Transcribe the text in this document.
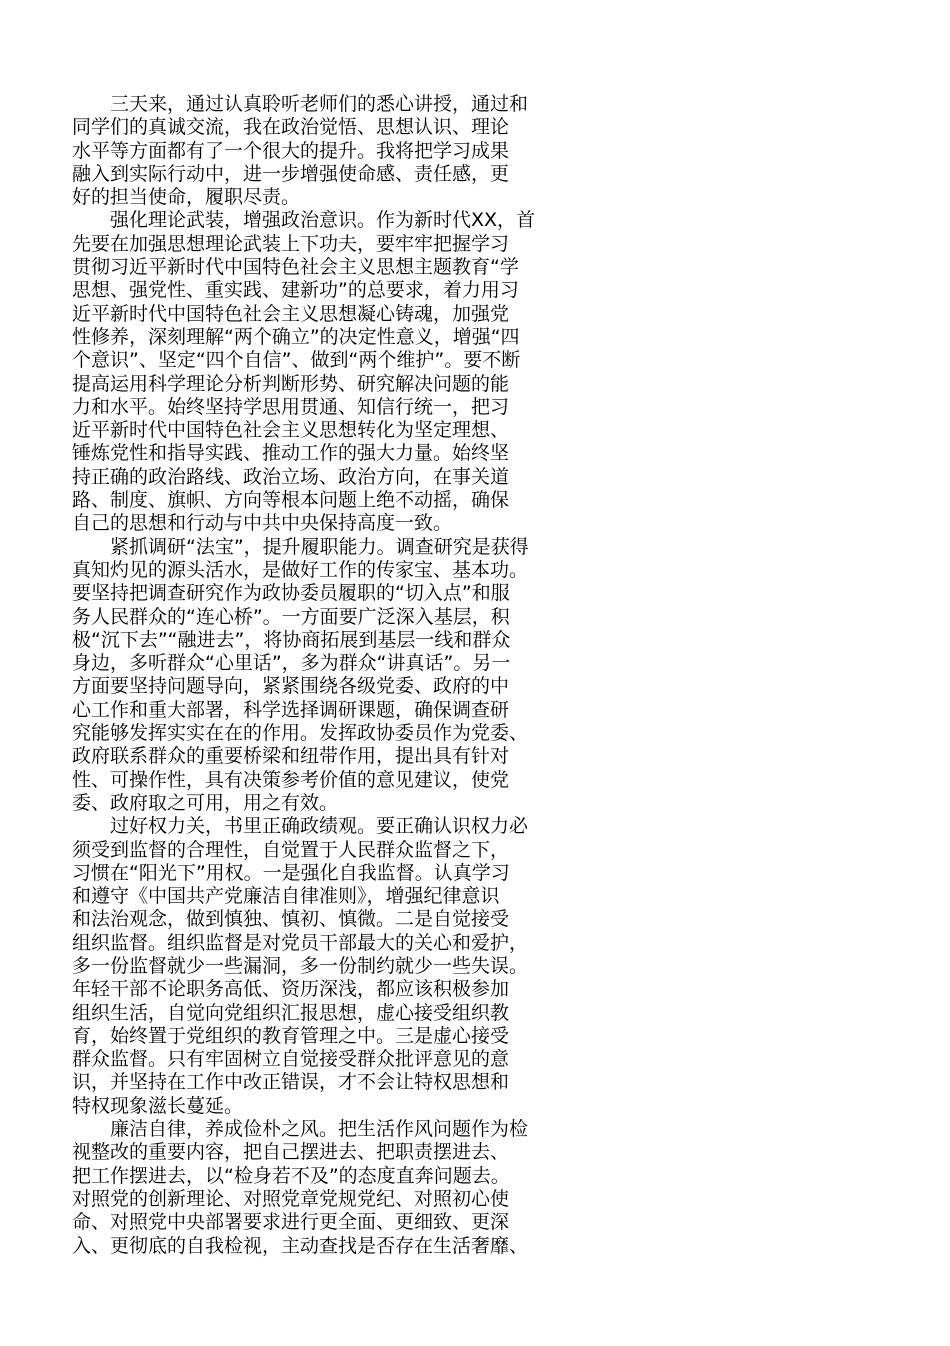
　　三天来，通过认真聆听老师们的悉心讲授，通过和
同学们的真诚交流，我在政治觉悟、思想认识、理论
水平等方面都有了一个很大的提升。我将把学习成果
融入到实际行动中，进一步增强使命感、责任感，更
好的担当使命，履职尽责。
　　强化理论武装，增强政治意识。作为新时代XX，首
先要在加强思想理论武装上下功夫，要牢牢把握学习
贯彻习近平新时代中国特色社会主义思想主题教育“学
思想、强党性、重实践、建新功”的总要求，着力用习
近平新时代中国特色社会主义思想凝心铸魂，加强党
性修养，深刻理解“两个确立”的决定性意义，增强“四
个意识”、坚定“四个自信”、做到“两个维护”。要不断
提高运用科学理论分析判断形势、研究解决问题的能
力和水平。始终坚持学思用贯通、知信行统一，把习
近平新时代中国特色社会主义思想转化为坚定理想、
锤炼党性和指导实践、推动工作的强大力量。始终坚
持正确的政治路线、政治立场、政治方向，在事关道
路、制度、旗帜、方向等根本问题上绝不动摇，确保
自己的思想和行动与中共中央保持高度一致。
　　紧抓调研“法宝”，提升履职能力。调查研究是获得
真知灼见的源头活水，是做好工作的传家宝、基本功。
要坚持把调查研究作为政协委员履职的“切入点”和服
务人民群众的“连心桥”。一方面要广泛深入基层，积
极“沉下去”“融进去”，将协商拓展到基层一线和群众
身边，多听群众“心里话”，多为群众“讲真话”。另一
方面要坚持问题导向，紧紧围绕各级党委、政府的中
心工作和重大部署，科学选择调研课题，确保调查研
究能够发挥实实在在的作用。发挥政协委员作为党委、
政府联系群众的重要桥梁和纽带作用，提出具有针对
性、可操作性，具有决策参考价值的意见建议，使党
委、政府取之可用，用之有效。
　　过好权力关，书里正确政绩观。要正确认识权力必
须受到监督的合理性，自觉置于人民群众监督之下，
习惯在“阳光下”用权。一是强化自我监督。认真学习
和遵守《中国共产党廉洁自律准则》，增强纪律意识
和法治观念，做到慎独、慎初、慎微。二是自觉接受
组织监督。组织监督是对党员干部最大的关心和爱护，
多一份监督就少一些漏洞，多一份制约就少一些失误。
年轻干部不论职务高低、资历深浅，都应该积极参加
组织生活，自觉向党组织汇报思想，虚心接受组织教
育，始终置于党组织的教育管理之中。三是虚心接受
群众监督。只有牢固树立自觉接受群众批评意见的意
识，并坚持在工作中改正错误，才不会让特权思想和
特权现象滋长蔓延。
　　廉洁自律，养成俭朴之风。把生活作风问题作为检
视整改的重要内容，把自己摆进去、把职责摆进去、
把工作摆进去，以“检身若不及”的态度直奔问题去。
对照党的创新理论、对照党章党规党纪、对照初心使
命、对照党中央部署要求进行更全面、更细致、更深
入、更彻底的自我检视，主动查找是否存在生活奢靡、
